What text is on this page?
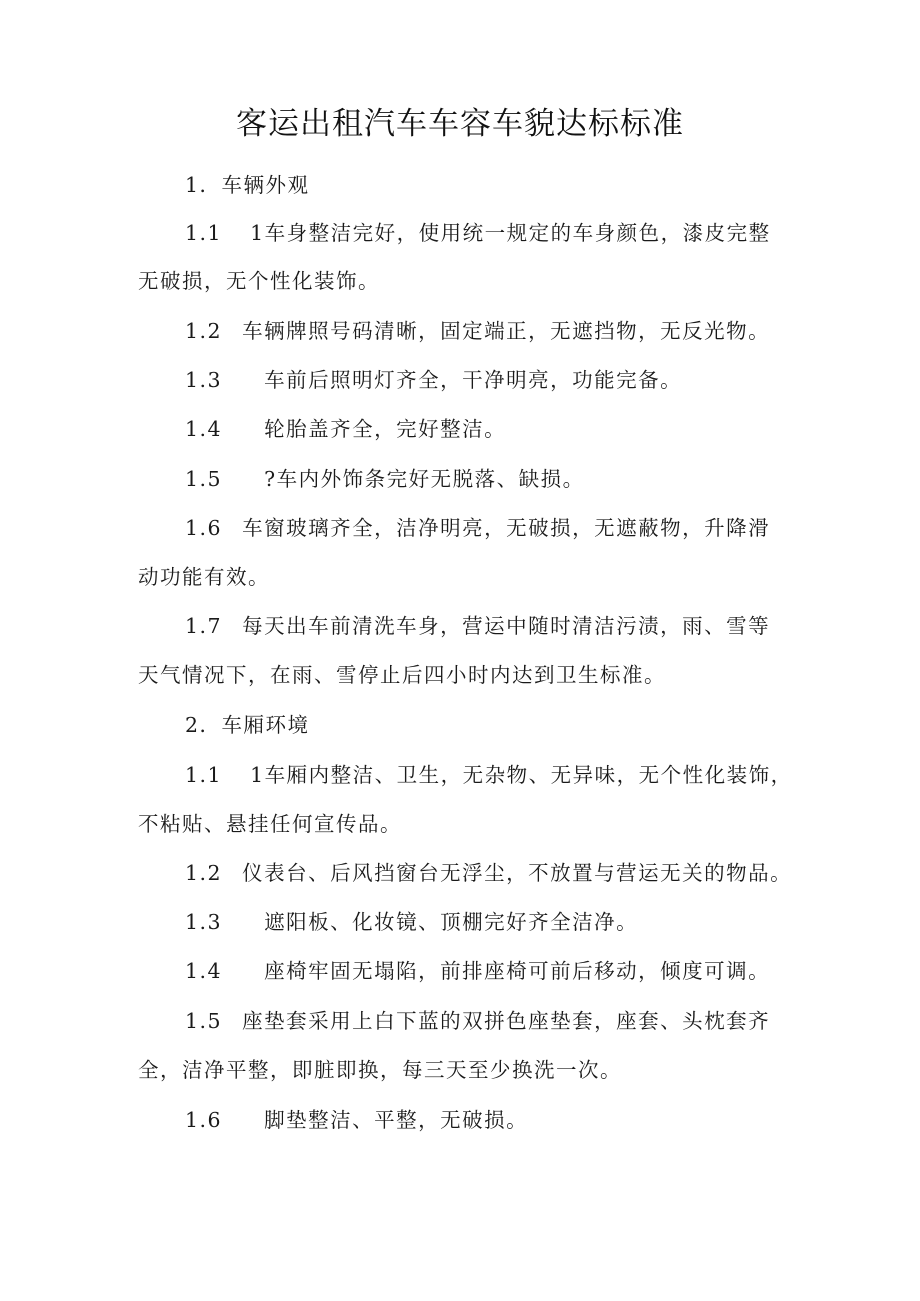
客运出租汽车车容车貌达标标准
1．车辆外观
1.1 1车身整洁完好，使用统一规定的车身颜色，漆皮完整
无破损，无个性化装饰。
1.2 车辆牌照号码清晰，固定端正，无遮挡物，无反光物。
1.3 车前后照明灯齐全，干净明亮，功能完备。
1.4 轮胎盖齐全，完好整洁。
1.5 ?车内外饰条完好无脱落、缺损。
1.6 车窗玻璃齐全，洁净明亮，无破损，无遮蔽物，升降滑
动功能有效。
1.7 每天出车前清洗车身，营运中随时清洁污渍，雨、雪等
天气情况下，在雨、雪停止后四小时内达到卫生标准。
2．车厢环境
1.1 1车厢内整洁、卫生，无杂物、无异味，无个性化装饰，
不粘贴、悬挂任何宣传品。
1.2 仪表台、后风挡窗台无浮尘，不放置与营运无关的物品。
1.3 遮阳板、化妆镜、顶棚完好齐全洁净。
1.4 座椅牢固无塌陷，前排座椅可前后移动，倾度可调。
1.5 座垫套采用上白下蓝的双拼色座垫套，座套、头枕套齐
全，洁净平整，即脏即换，每三天至少换洗一次。
1.6 脚垫整洁、平整，无破损。
